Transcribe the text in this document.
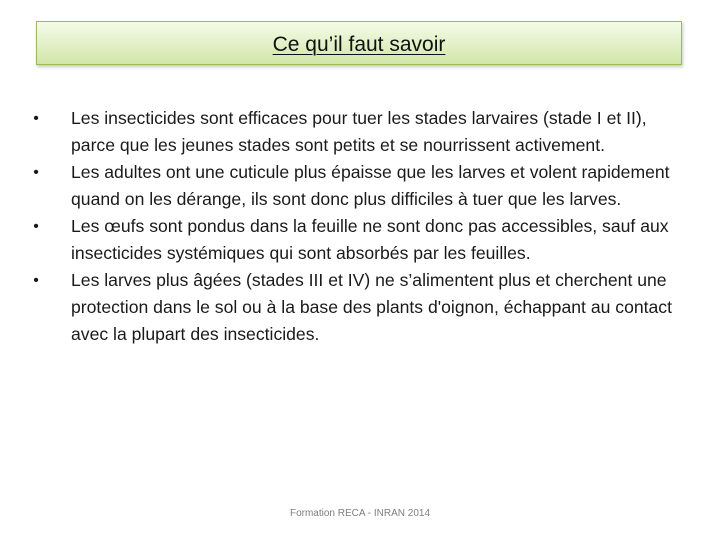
Ce qu’il faut savoir
• Les insecticides sont efficaces pour tuer les stades larvaires (stade I et II), parce que les jeunes stades sont petits et se nourrissent activement.
• Les adultes ont une cuticule plus épaisse que les larves et volent rapidement quand on les dérange, ils sont donc plus difficiles à tuer que les larves.
• Les œufs sont pondus dans la feuille ne sont donc pas accessibles, sauf aux insecticides systémiques qui sont absorbés par les feuilles.
• Les larves plus âgées (stades III et IV) ne s’alimentent plus et cherchent une protection dans le sol ou à la base des plants d'oignon, échappant au contact avec la plupart des insecticides.
Formation RECA - INRAN 2014
